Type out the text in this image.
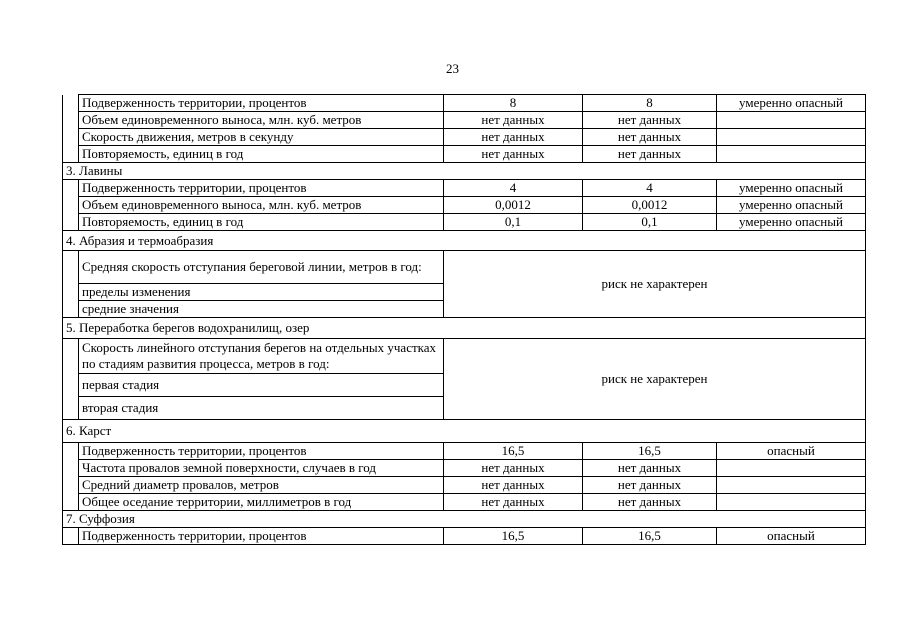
23
	Подверженность территории, процентов	8	8	умеренно опасный
	Объем единовременного выноса, млн. куб. метров	нет данных	нет данных	
	Скорость движения, метров в секунду	нет данных	нет данных	
	Повторяемость, единиц в год	нет данных	нет данных	
3. Лавины				
	Подверженность территории, процентов	4	4	умеренно опасный
	Объем единовременного выноса, млн. куб. метров	0,0012	0,0012	умеренно опасный
	Повторяемость, единиц в год	0,1	0,1	умеренно опасный
4. Абразия и термоабразия				
	Средняя скорость отступания береговой линии, метров в год:	риск не характерен		
	пределы изменения			
	средние значения			
5. Переработка берегов водохранилищ, озер				
	Скорость линейного отступания берегов на отдельных участках по стадиям развития процесса, метров в год:	риск не характерен		
	первая стадия			
	вторая стадия			
6. Карст				
	Подверженность территории, процентов	16,5	16,5	опасный
	Частота провалов земной поверхности, случаев в год	нет данных	нет данных	
	Средний диаметр провалов, метров	нет данных	нет данных	
	Общее оседание территории, миллиметров в год	нет данных	нет данных	
7. Суффозия				
	Подверженность территории, процентов	16,5	16,5	опасный
